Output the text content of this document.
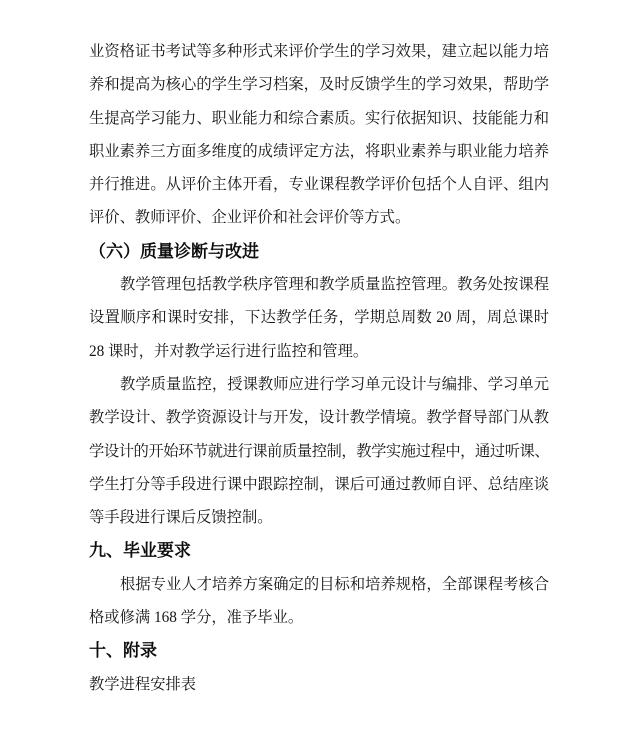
业资格证书考试等多种形式来评价学生的学习效果，建立起以能力培
养和提高为核心的学生学习档案，及时反馈学生的学习效果，帮助学
生提高学习能力、职业能力和综合素质。实行依据知识、技能能力和
职业素养三方面多维度的成绩评定方法，将职业素养与职业能力培养
并行推进。从评价主体开看，专业课程教学评价包括个人自评、组内
评价、教师评价、企业评价和社会评价等方式。
（六）质量诊断与改进
教学管理包括教学秩序管理和教学质量监控管理。教务处按课程
设置顺序和课时安排，下达教学任务，学期总周数 20 周，周总课时
28 课时，并对教学运行进行监控和管理。
教学质量监控，授课教师应进行学习单元设计与编排、学习单元
教学设计、教学资源设计与开发，设计教学情境。教学督导部门从教
学设计的开始环节就进行课前质量控制，教学实施过程中，通过听课、
学生打分等手段进行课中跟踪控制，课后可通过教师自评、总结座谈
等手段进行课后反馈控制。
九、毕业要求
根据专业人才培养方案确定的目标和培养规格，全部课程考核合
格或修满 168 学分，准予毕业。
十、附录
教学进程安排表
